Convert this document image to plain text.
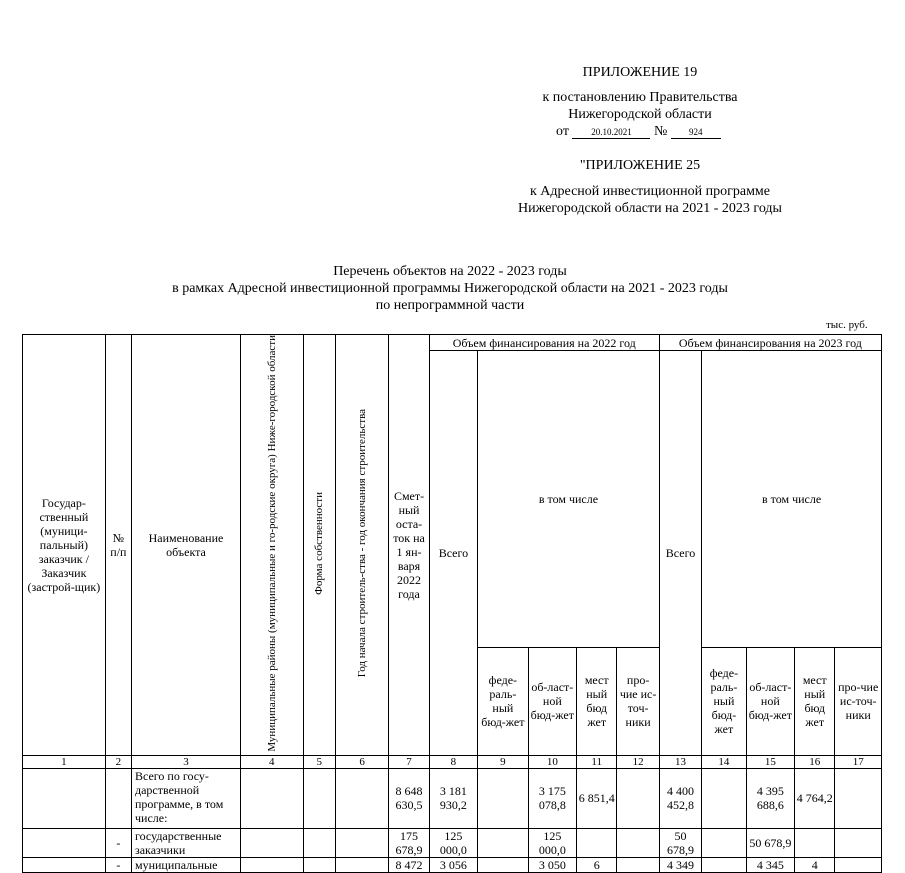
ПРИЛОЖЕНИЕ 19
к постановлению Правительства
Нижегородской области
от 20.10.2021 № 924
"ПРИЛОЖЕНИЕ 25
к Адресной инвестиционной программе
Нижегородской области на 2021 - 2023 годы
Перечень объектов на 2022 - 2023 годы
в рамках Адресной инвестиционной программы Нижегородской области на 2021 - 2023 годы
по непрограммной части
тыс. руб.
Государ-ственный (муници-пальный) заказчик / Заказчик (застрой-щик)	№ п/п	Наименование объекта	Муниципальные районы (муниципальные и го-родские округа) Ниже-городской области	Форма собственности	Год начала строитель-ства - год окончания строительства	Смет-ный оста-ток на 1 ян-варя 2022 года	Объем финансирования на 2022 год					Объем финансирования на 2023 год				
							Всего	в том числе				Всего	в том числе			
								феде-раль-ный бюд-жет	об-ласт-ной бюд-жет	мест ный бюд жет	про-чие ис-точ-ники		феде-раль-ный бюд-жет	об-ласт-ной бюд-жет	мест ный бюд жет	про-чие ис-точ-ники
1	2	3	4	5	6	7	8	9	10	11	12	13	14	15	16	17
		Всего по госу-дарственной программе, в том числе:				8 648 630,5	3 181 930,2		3 175 078,8	6 851,4		4 400 452,8		4 395 688,6	4 764,2	
	-	государственные заказчики				175 678,9	125 000,0		125 000,0			50 678,9		50 678,9		
	-	муниципальные				8 472	3 056		3 050	6		4 349		4 345	4	
